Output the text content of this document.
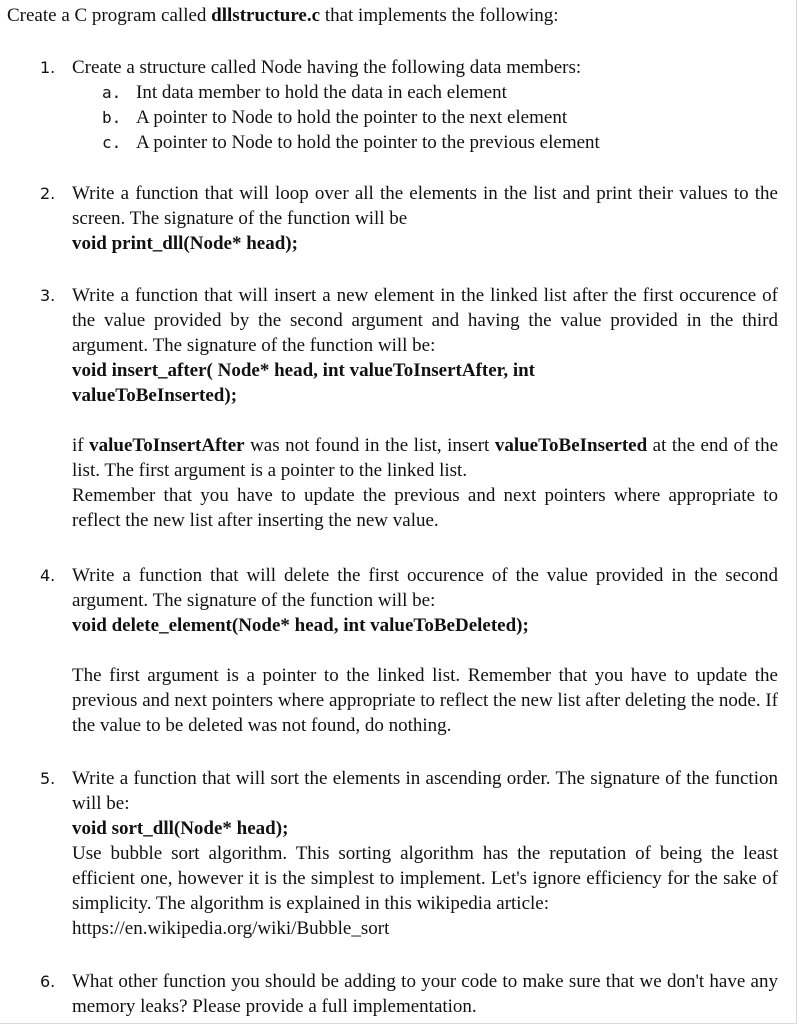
Create a C program called dllstructure.c that implements the following:
1. Create a structure called Node having the following data members:

a. Int data member to hold the data in each element
b. A pointer to Node to hold the pointer to the next element
c. A pointer to Node to hold the pointer to the previous element
2. Write a function that will loop over all the elements in the list and print their values to the screen. The signature of the function will be

void print_dll(Node* head);
3. Write a function that will insert a new element in the linked list after the first occurence of the value provided by the second argument and having the value provided in the third argument. The signature of the function will be:

void insert_after( Node* head, int valueToInsertAfter, int
valueToBeInserted);

if valueToInsertAfter was not found in the list, insert valueToBeInserted at the end of the list. The first argument is a pointer to the linked list.

Remember that you have to update the previous and next pointers where appropriate to reflect the new list after inserting the new value.

4. Write a function that will delete the first occurence of the value provided in the second argument. The signature of the function will be:

void delete_element(Node* head, int valueToBeDeleted);

The first argument is a pointer to the linked list. Remember that you have to update the previous and next pointers where appropriate to reflect the new list after deleting the node. If the value to be deleted was not found, do nothing.

5. Write a function that will sort the elements in ascending order. The signature of the function will be:

void sort_dll(Node* head);

Use bubble sort algorithm. This sorting algorithm has the reputation of being the least efficient one, however it is the simplest to implement. Let's ignore efficiency for the sake of simplicity. The algorithm is explained in this wikipedia article:

https://en.wikipedia.org/wiki/Bubble_sort
6. What other function you should be adding to your code to make sure that we don't have any memory leaks? Please provide a full implementation.
